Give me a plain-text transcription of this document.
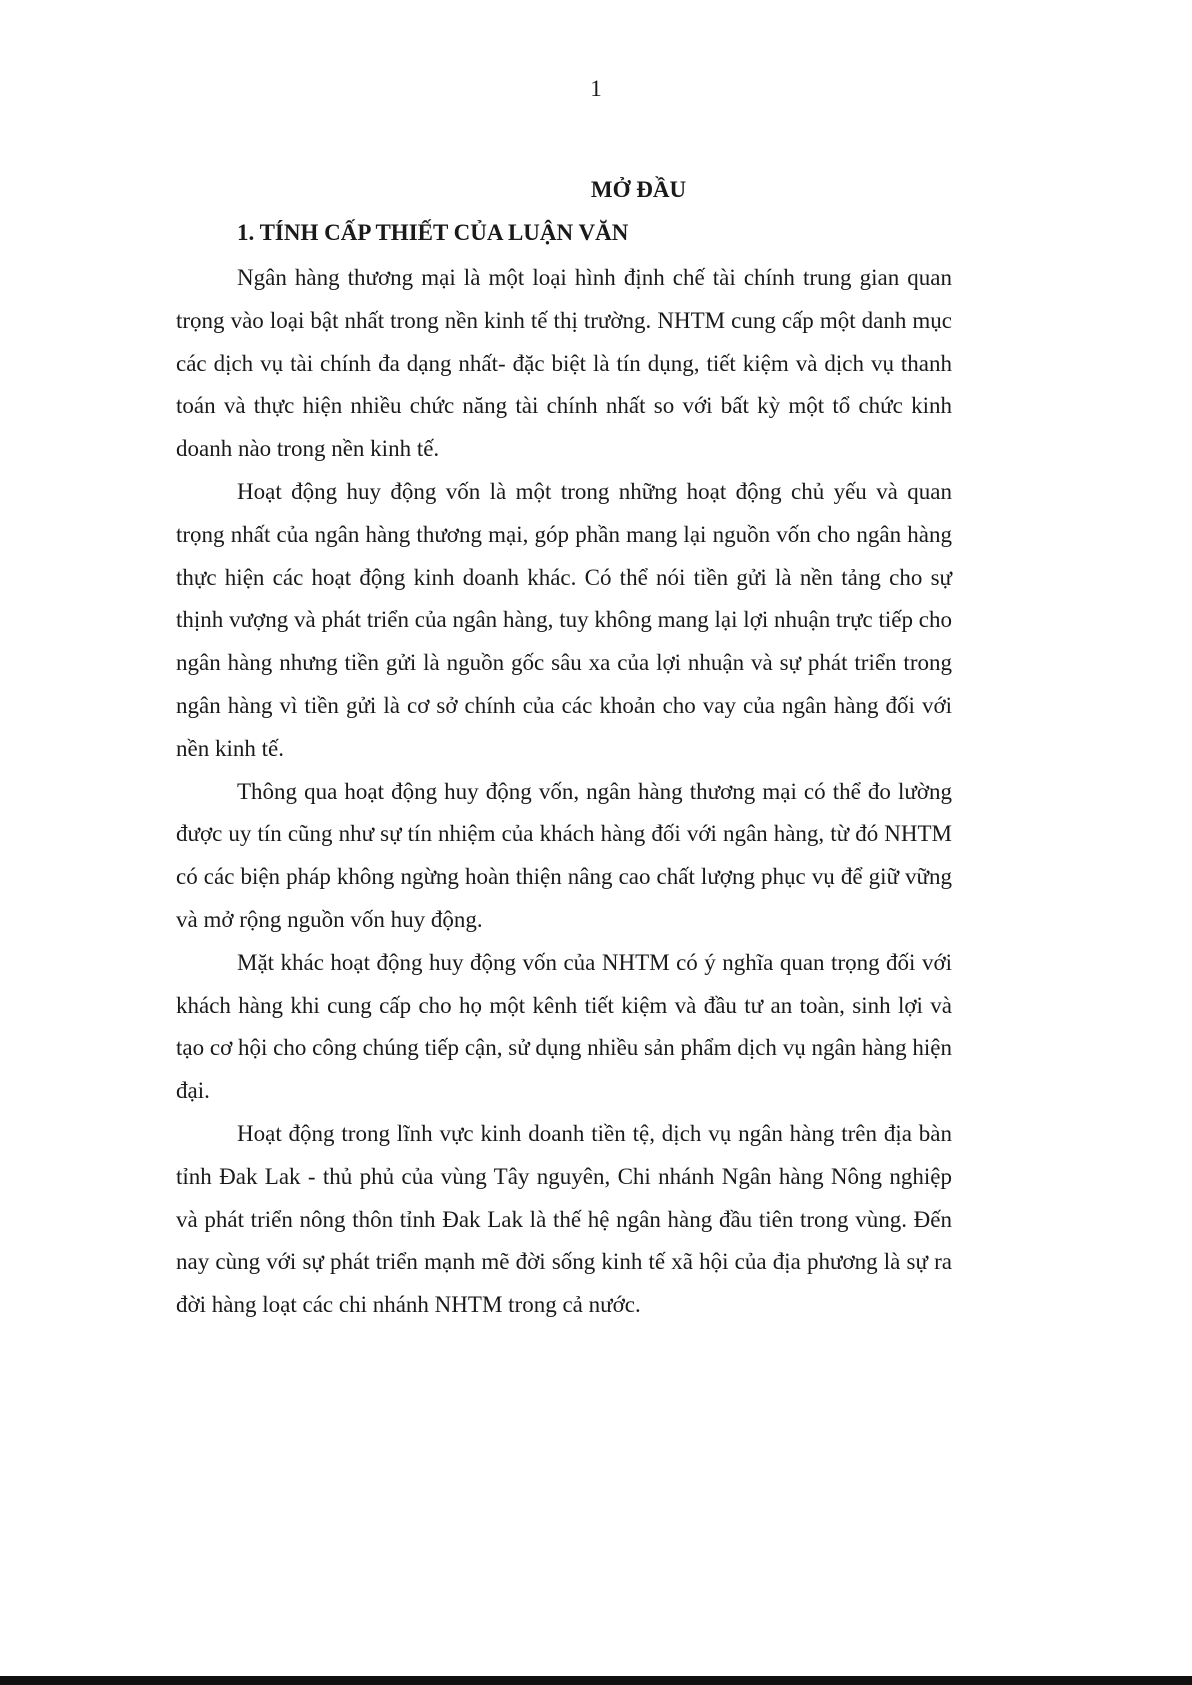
1
MỞ ĐẦU
1. TÍNH CẤP THIẾT CỦA LUẬN VĂN

Ngân hàng thương mại là một loại hình định chế tài chính trung gian quan trọng vào loại bật nhất trong nền kinh tế thị trường. NHTM cung cấp một danh mục các dịch vụ tài chính đa dạng nhất- đặc biệt là tín dụng, tiết kiệm và dịch vụ thanh toán và thực hiện nhiều chức năng tài chính nhất so với bất kỳ một tổ chức kinh doanh nào trong nền kinh tế.

Hoạt động huy động vốn là một trong những hoạt động chủ yếu và quan trọng nhất của ngân hàng thương mại, góp phần mang lại nguồn vốn cho ngân hàng thực hiện các hoạt động kinh doanh khác. Có thể nói tiền gửi là nền tảng cho sự thịnh vượng và phát triển của ngân hàng, tuy không mang lại lợi nhuận trực tiếp cho ngân hàng nhưng tiền gửi là nguồn gốc sâu xa của lợi nhuận và sự phát triển trong ngân hàng vì tiền gửi là cơ sở chính của các khoản cho vay của ngân hàng đối với nền kinh tế.

Thông qua hoạt động huy động vốn, ngân hàng thương mại có thể đo lường được uy tín cũng như sự tín nhiệm của khách hàng đối với ngân hàng, từ đó NHTM có các biện pháp không ngừng hoàn thiện nâng cao chất lượng phục vụ để giữ vững và mở rộng nguồn vốn huy động.

Mặt khác hoạt động huy động vốn của NHTM có ý nghĩa quan trọng đối với khách hàng khi cung cấp cho họ một kênh tiết kiệm và đầu tư an toàn, sinh lợi và tạo cơ hội cho công chúng tiếp cận, sử dụng nhiều sản phẩm dịch vụ ngân hàng hiện đại.

Hoạt động trong lĩnh vực kinh doanh tiền tệ, dịch vụ ngân hàng trên địa bàn tỉnh Đak Lak - thủ phủ của vùng Tây nguyên, Chi nhánh Ngân hàng Nông nghiệp và phát triển nông thôn tỉnh Đak Lak là thế hệ ngân hàng đầu tiên trong vùng. Đến nay cùng với sự phát triển mạnh mẽ đời sống kinh tế xã hội của địa phương là sự ra đời hàng loạt các chi nhánh NHTM trong cả nước.
